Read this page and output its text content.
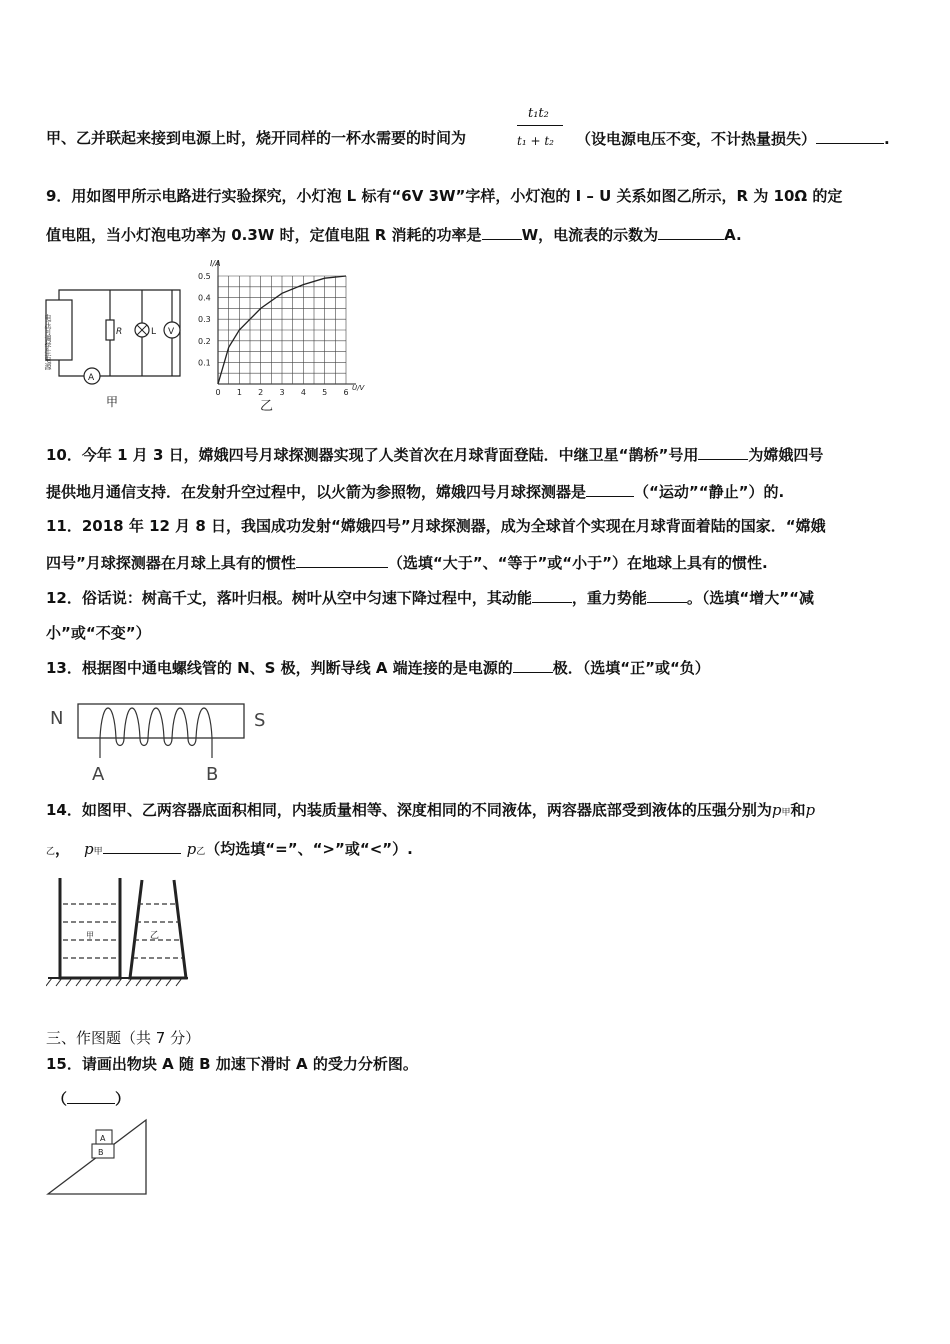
甲、乙并联起来接到电源上时，烧开同样的一杯水需要的时间为
t₁t₂
t₁ + t₂ （设电源电压不变，不计热量损失）	.
9．用如图甲所示电路进行实验探究，小灯泡 L 标有“6V 3W”字样，小灯泡的 I – U 关系如图乙所示，R 为 10Ω 的定
值电阻，当小灯泡电功率为 0.3W 时，定值电阻 R 消耗的功率是	W，电流表的示数为	A.
电压可调学生电源	R	L V
A
甲
0 1 2 3 4 5 6
0.1
0.2
0.3
0.4
0.5
I/A
U/V
乙
10．今年 1 月 3 日，嫦娥四号月球探测器实现了人类首次在月球背面登陆．中继卫星“鹊桥”号用	为嫦娥四号
提供地月通信支持．在发射升空过程中，以火箭为参照物，嫦娥四号月球探测器是	（“运动”“静止”）的.
11．2018 年 12 月 8 日，我国成功发射“嫦娥四号”月球探测器，成为全球首个实现在月球背面着陆的国家．“嫦娥
四号”月球探测器在月球上具有的惯性	（选填“大于”、“等于”或“小于”）在地球上具有的惯性.
12．俗话说：树高千丈，落叶归根。树叶从空中匀速下降过程中，其动能	，重力势能	。（选填“增大”“减
小”或“不变”）
13．根据图中通电螺线管的 N、S 极，判断导线 A 端连接的是电源的	极．（选填“正”或“负）
N	S
A	B
14．如图甲、乙两容器底面积相同，内装质量相等、深度相同的不同液体，两容器底部受到液体的压强分别为p甲和p
乙， p甲	p乙（均选填“=”、“>”或“<”）.
甲	乙
三、作图题（共 7 分）
15．请画出物块 A 随 B 加速下滑时 A 的受力分析图。
（	）
A
B
